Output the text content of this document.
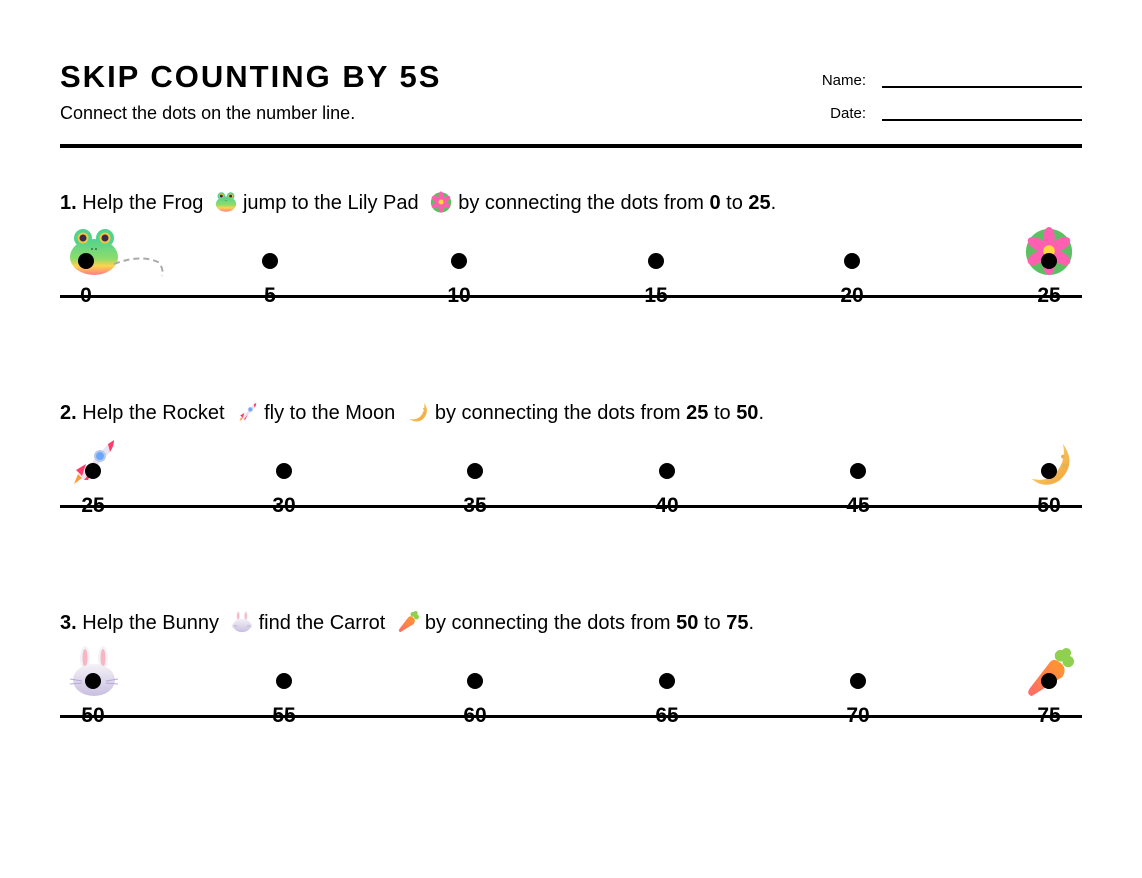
SKIP COUNTING BY 5S
Connect the dots on the number line.
Name:
Date:
1. Help the Frog jump to the Lily Pad by connecting the dots from 0 to 25.
0	5	10	15	20	25
2. Help the Rocket fly to the Moon by connecting the dots from 25 to 50.
25	30	35	40	45	50
3. Help the Bunny find the Carrot by connecting the dots from 50 to 75.
50	55	60	65	70	75
